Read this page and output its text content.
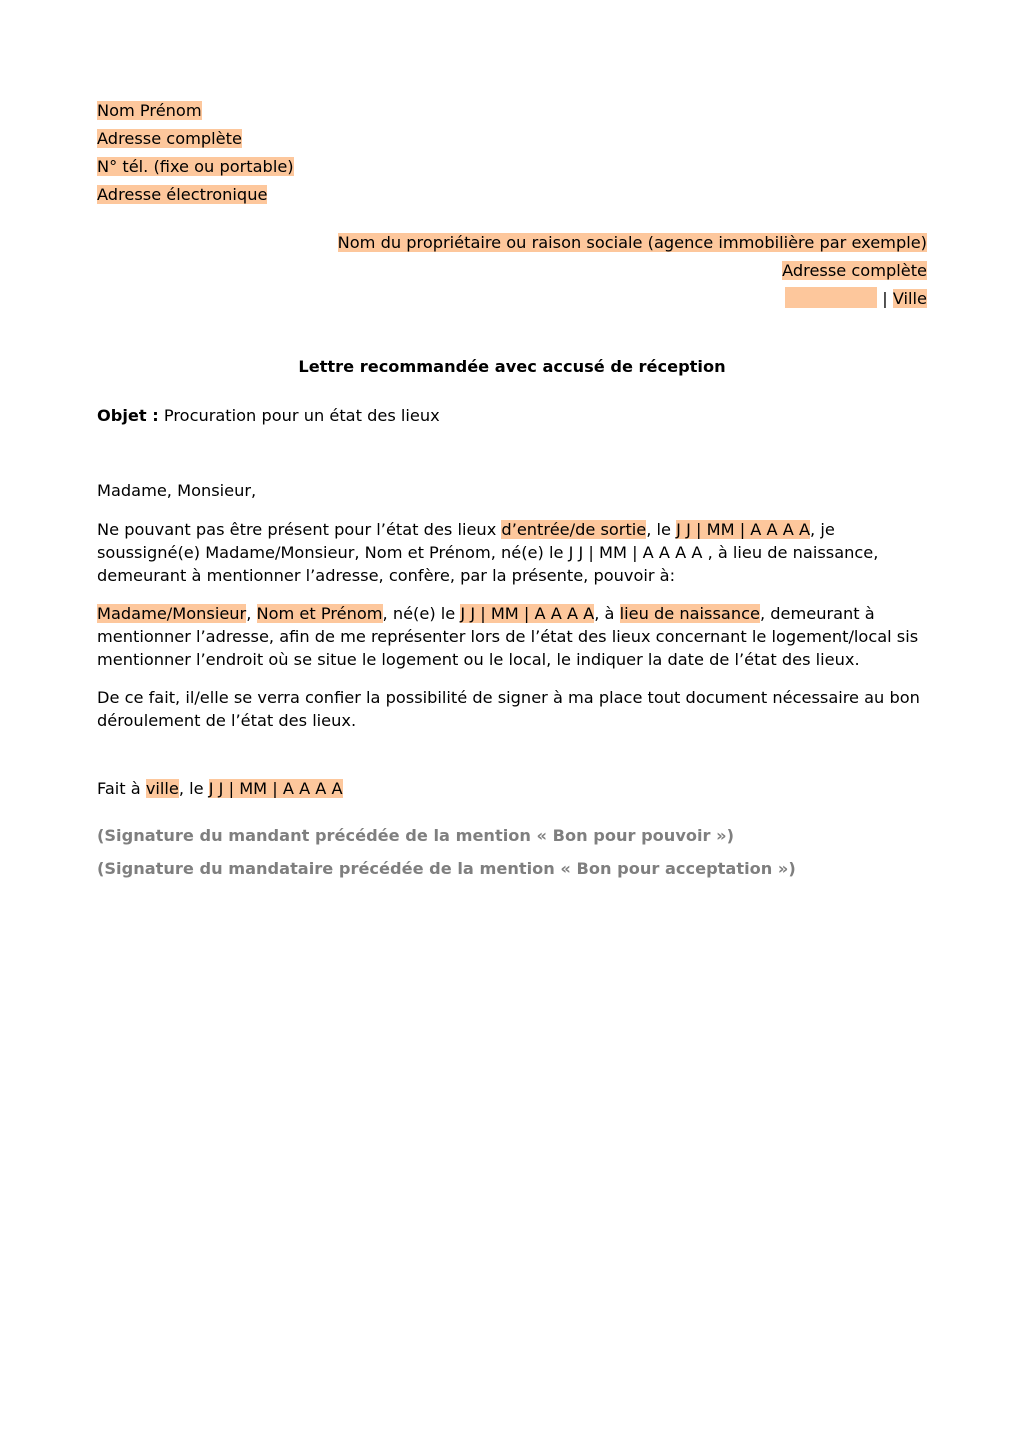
Nom Prénom
Adresse complète
N° tél. (fixe ou portable)
Adresse électronique
Nom du propriétaire ou raison sociale (agence immobilière par exemple)
Adresse complète
| Ville
Lettre recommandée avec accusé de réception
Objet : Procuration pour un état des lieux

Madame, Monsieur,

Ne pouvant pas être présent pour l’état des lieux d’entrée/de sortie, le J J | MM | A A A A, je soussigné(e) Madame/Monsieur, Nom et Prénom, né(e) le J J | MM | A A A A , à lieu de naissance, demeurant à mentionner l’adresse, confère, par la présente, pouvoir à:

Madame/Monsieur, Nom et Prénom, né(e) le J J | MM | A A A A, à lieu de naissance, demeurant à mentionner l’adresse, afin de me représenter lors de l’état des lieux concernant le logement/local sis mentionner l’endroit où se situe le logement ou le local, le indiquer la date de l’état des lieux.

De ce fait, il/elle se verra confier la possibilité de signer à ma place tout document nécessaire au bon déroulement de l’état des lieux.

Fait à ville, le J J | MM | A A A A
(Signature du mandant précédée de la mention « Bon pour pouvoir »)
(Signature du mandataire précédée de la mention « Bon pour acceptation »)
